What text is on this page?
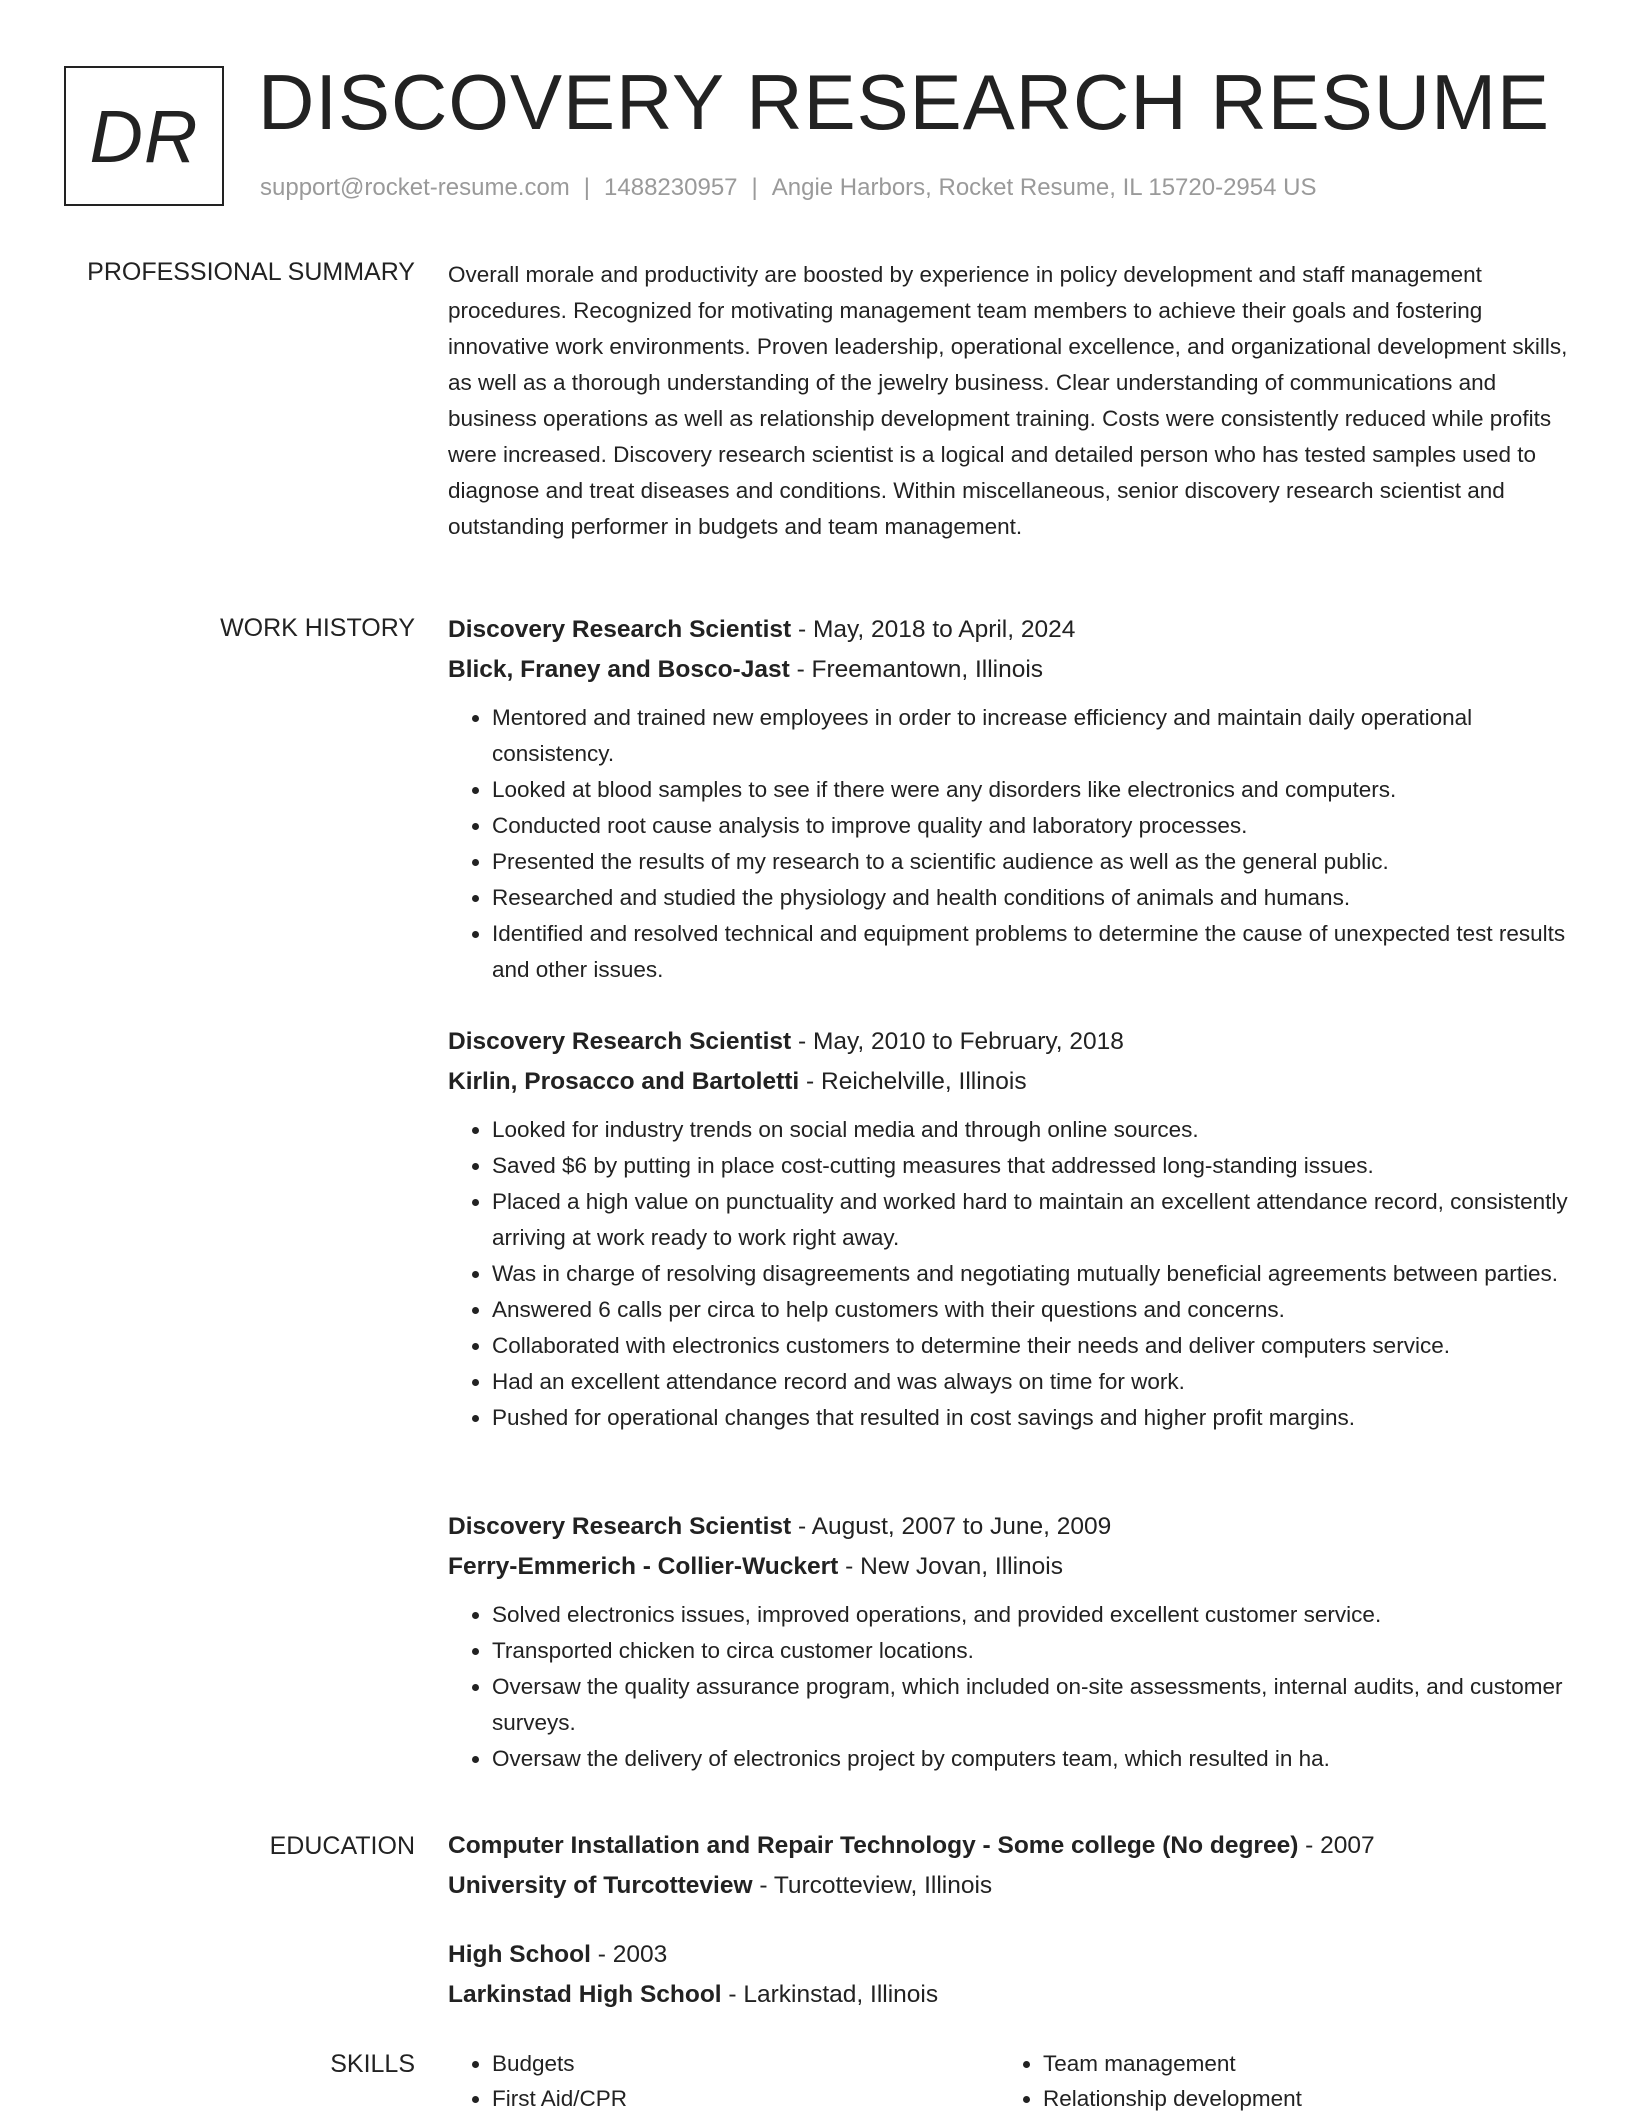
DR DISCOVERY RESEARCH RESUME
support@rocket-resume.com | 1488230957 | Angie Harbors, Rocket Resume, IL 15720-2954 US
PROFESSIONAL SUMMARY Overall morale and productivity are boosted by experience in policy development and staff management procedures. Recognized for motivating management team members to achieve their goals and fostering innovative work environments. Proven leadership, operational excellence, and organizational development skills, as well as a thorough understanding of the jewelry business. Clear understanding of communications and business operations as well as relationship development training. Costs were consistently reduced while profits were increased. Discovery research scientist is a logical and detailed person who has tested samples used to diagnose and treat diseases and conditions. Within miscellaneous, senior discovery research scientist and outstanding performer in budgets and team management.

WORK HISTORY Discovery Research Scientist - May, 2018 to April, 2024

Blick, Franey and Bosco-Jast - Freemantown, Illinois

• Mentored and trained new employees in order to increase efficiency and maintain daily operational consistency.
• Looked at blood samples to see if there were any disorders like electronics and computers.
• Conducted root cause analysis to improve quality and laboratory processes.
• Presented the results of my research to a scientific audience as well as the general public.
• Researched and studied the physiology and health conditions of animals and humans.
• Identified and resolved technical and equipment problems to determine the cause of unexpected test results and other issues.

Discovery Research Scientist - May, 2010 to February, 2018

Kirlin, Prosacco and Bartoletti - Reichelville, Illinois

• Looked for industry trends on social media and through online sources.
• Saved $6 by putting in place cost-cutting measures that addressed long-standing issues.
• Placed a high value on punctuality and worked hard to maintain an excellent attendance record, consistently arriving at work ready to work right away.
• Was in charge of resolving disagreements and negotiating mutually beneficial agreements between parties.
• Answered 6 calls per circa to help customers with their questions and concerns.
• Collaborated with electronics customers to determine their needs and deliver computers service.
• Had an excellent attendance record and was always on time for work.
• Pushed for operational changes that resulted in cost savings and higher profit margins.

Discovery Research Scientist - August, 2007 to June, 2009

Ferry-Emmerich - Collier-Wuckert - New Jovan, Illinois

• Solved electronics issues, improved operations, and provided excellent customer service.
• Transported chicken to circa customer locations.
• Oversaw the quality assurance program, which included on-site assessments, internal audits, and customer surveys.
• Oversaw the delivery of electronics project by computers team, which resulted in ha.
EDUCATION Computer Installation and Repair Technology - Some college (No degree) - 2007

University of Turcotteview - Turcotteview, Illinois

High School - 2003

Larkinstad High School - Larkinstad, Illinois

SKILLS
•	Budgets
• First Aid/CPR
• Team management
• Relationship development
